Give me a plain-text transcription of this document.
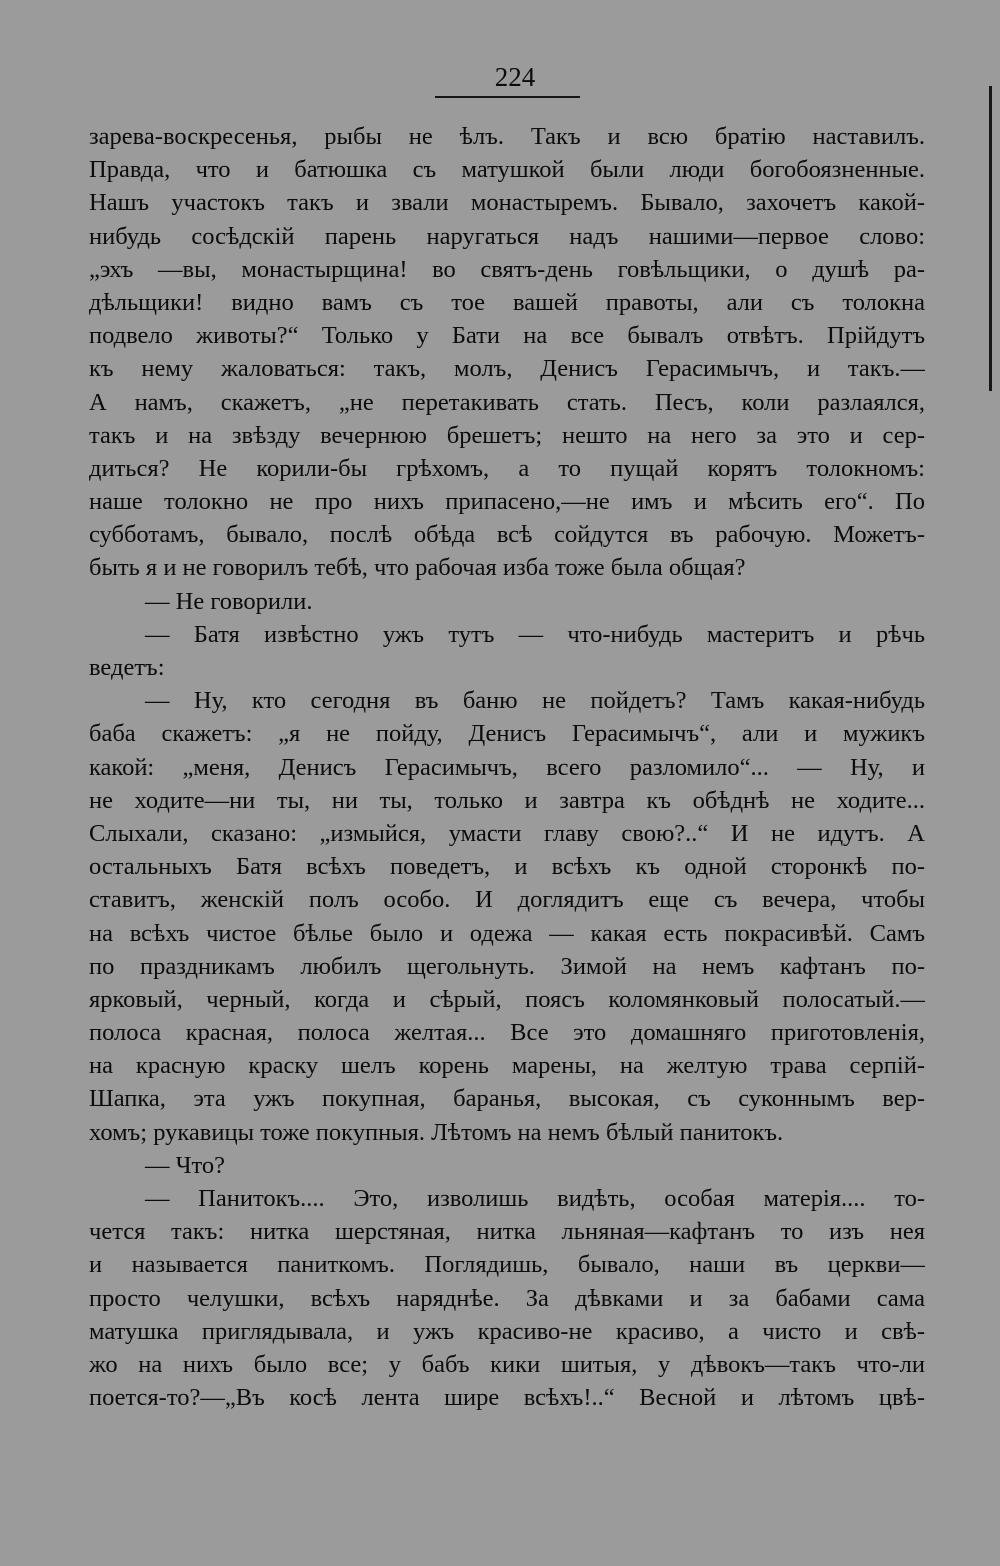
224
зарева-воскресенья, рыбы не ѣлъ. Такъ и всю братію наставилъ.
Правда, что и батюшка съ матушкой были люди богобоязненные.
Нашъ участокъ такъ и звали монастыремъ. Бывало, захочетъ какой-
нибудь сосѣдскій парень наругаться надъ нашими—первое слово:
„эхъ —вы, монастырщина! во святъ-день говѣльщики, о душѣ ра-
дѣльщики! видно вамъ съ тое вашей правоты, али съ толокна
подвело животы?“ Только у Бати на все бывалъ отвѣтъ. Прійдутъ
къ нему жаловаться: такъ, молъ, Денисъ Герасимычъ, и такъ.—
А намъ, скажетъ, „не перетакивать стать. Песъ, коли разлаялся,
такъ и на звѣзду вечернюю брешетъ; нешто на него за это и сер-
диться? Не корили-бы грѣхомъ, а то пущай корятъ толокномъ:
наше толокно не про нихъ припасено,—не имъ и мѣсить его“. По
субботамъ, бывало, послѣ обѣда всѣ сойдутся въ рабочую. Можетъ-
быть я и не говорилъ тебѣ, что рабочая изба тоже была общая?
— Не говорили.
— Батя извѣстно ужъ тутъ — что-нибудь мастеритъ и рѣчь
ведетъ:
— Ну, кто сегодня въ баню не пойдетъ? Тамъ какая-нибудь
баба скажетъ: „я не пойду, Денисъ Герасимычъ“, али и мужикъ
какой: „меня, Денисъ Герасимычъ, всего разломило“... — Ну, и
не ходите—ни ты, ни ты, только и завтра къ обѣднѣ не ходите...
Слыхали, сказано: „измыйся, умасти главу свою?..“ И не идутъ. А
остальныхъ Батя всѣхъ поведетъ, и всѣхъ къ одной сторонкѣ по-
ставитъ, женскій полъ особо. И доглядитъ еще съ вечера, чтобы
на всѣхъ чистое бѣлье было и одежа — какая есть покрасивѣй. Самъ
по праздникамъ любилъ щегольнуть. Зимой на немъ кафтанъ по-
ярковый, черный, когда и сѣрый, поясъ коломянковый полосатый.—
полоса красная, полоса желтая... Все это домашняго приготовленія,
на красную краску шелъ корень марены, на желтую трава серпій-
Шапка, эта ужъ покупная, баранья, высокая, съ суконнымъ вер-
хомъ; рукавицы тоже покупныя. Лѣтомъ на немъ бѣлый панитокъ.
— Что?
— Панитокъ.... Это, изволишь видѣть, особая матерія.... то-
чется такъ: нитка шерстяная, нитка льняная—кафтанъ то изъ нея
и называется паниткомъ. Поглядишь, бывало, наши въ церкви—
просто челушки, всѣхъ наряднѣе. За дѣвками и за бабами сама
матушка приглядывала, и ужъ красиво-не красиво, а чисто и свѣ-
жо на нихъ было все; у бабъ кики шитыя, у дѣвокъ—такъ что-ли
поется-то?—„Въ косѣ лента шире всѣхъ!..“ Весной и лѣтомъ цвѣ-
